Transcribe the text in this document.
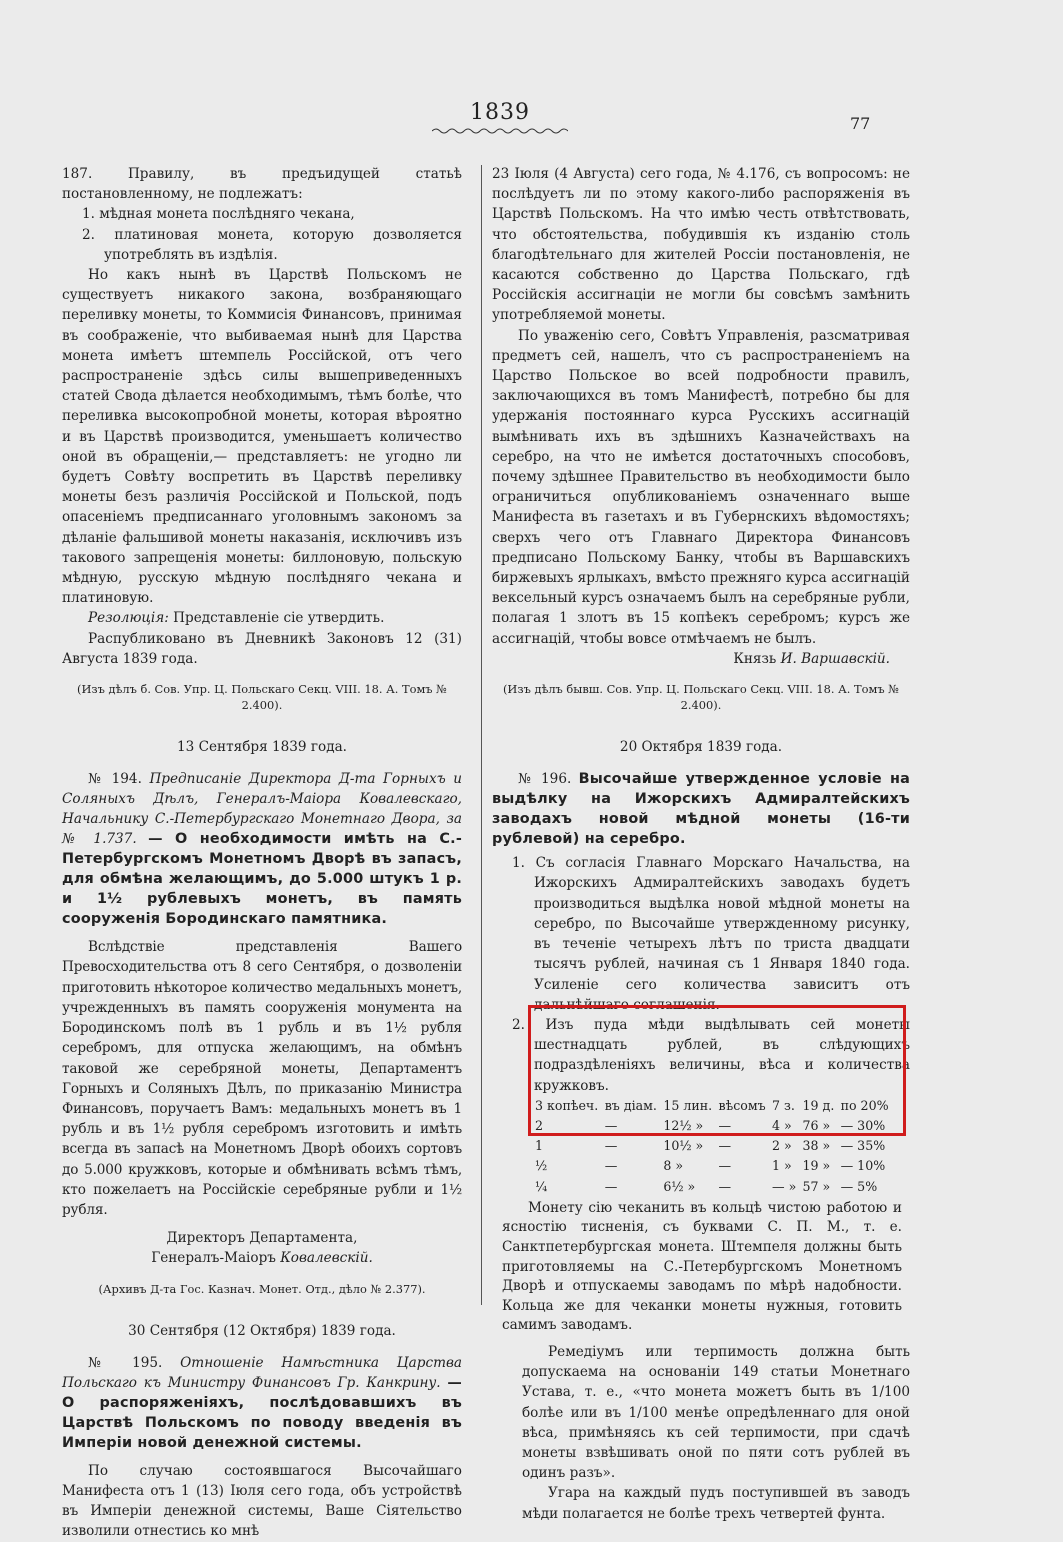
1839	77

187. Правилу, въ предъидущей статьѣ постановленному, не подлежатъ:

1. мѣдная монета послѣдняго чекана,

2. платиновая монета, которую дозволяется употреблять въ издѣлія.

Но какъ нынѣ въ Царствѣ Польскомъ не существуетъ никакого закона, возбраняющаго переливку монеты, то Коммисія Финансовъ, принимая въ соображеніе, что выбиваемая нынѣ для Царства монета имѣетъ штемпель Россійской, отъ чего распространеніе здѣсь силы вышеприведенныхъ статей Свода дѣлается необходимымъ, тѣмъ болѣе, что переливка высокопробной монеты, которая вѣроятно и въ Царствѣ производится, уменьшаетъ количество оной въ обращеніи,— представляетъ: не угодно ли будетъ Совѣту воспретить въ Царствѣ переливку монеты безъ различія Россійской и Польской, подъ опасеніемъ предписаннаго уголовнымъ закономъ за дѣланіе фальшивой монеты наказанія, исключивъ изъ такового запрещенія монеты: биллоновую, польскую мѣдную, русскую мѣдную послѣдняго чекана и платиновую.

Резолюція: Представленіе сіе утвердить.

Распубликовано въ Дневникѣ Законовъ 12 (31) Августа 1839 года.

(Изъ дѣлъ б. Сов. Упр. Ц. Польскаго Секц. VIII. 18. А. Томъ № 2.400).

13 Сентября 1839 года.

№ 194. Предписаніе Директора Д-та Горныхъ и Соляныхъ Дѣлъ, Генералъ-Маіора Ковалевскаго, Начальнику С.-Петербургскаго Монетнаго Двора, за № 1.737. — О необходимости имѣть на С.-Петербургскомъ Монетномъ Дворѣ въ запасъ, для обмѣна желающимъ, до 5.000 штукъ 1 р. и 1½ рублевыхъ монетъ, въ память сооруженія Бородинскаго памятника.

Вслѣдствіе представленія Вашего Превосходительства отъ 8 сего Сентября, о дозволеніи приготовить нѣкоторое количество медальныхъ монетъ, учрежденныхъ въ память сооруженія монумента на Бородинскомъ полѣ въ 1 рубль и въ 1½ рубля серебромъ, для отпуска желающимъ, на обмѣнъ таковой же серебряной монеты, Департаментъ Горныхъ и Соляныхъ Дѣлъ, по приказанію Министра Финансовъ, поручаетъ Вамъ: медальныхъ монетъ въ 1 рубль и въ 1½ рубля серебромъ изготовить и имѣть всегда въ запасѣ на Монетномъ Дворѣ обоихъ сортовъ до 5.000 кружковъ, которые и обмѣнивать всѣмъ тѣмъ, кто пожелаетъ на Россійскіе серебряные рубли и 1½ рубля.

Директоръ Департамента,

Генералъ-Маіоръ Ковалевскій.

(Архивъ Д-та Гос. Казнач. Монет. Отд., дѣло № 2.377).

30 Сентября (12 Октября) 1839 года.

№ 195. Отношеніе Намѣстника Царства Польскаго къ Министру Финансовъ Гр. Канкрину. — О распоряженіяхъ, послѣдовавшихъ въ Царствѣ Польскомъ по поводу введенія въ Имперіи новой денежной системы.

По случаю состоявшагося Высочайшаго Манифеста отъ 1 (13) Іюля сего года, объ устройствѣ въ Имперіи денежной системы, Ваше Сіятельство изволили отнестись ко мнѣ

23 Іюля (4 Августа) сего года, № 4.176, съ вопросомъ: не послѣдуетъ ли по этому какого-либо распоряженія въ Царствѣ Польскомъ. На что имѣю честь отвѣтствовать, что обстоятельства, побудившія къ изданію столь благодѣтельнаго для жителей Россіи постановленія, не касаются собственно до Царства Польскаго, гдѣ Россійскія ассигнаціи не могли бы совсѣмъ замѣнить употребляемой монеты.

По уваженію сего, Совѣтъ Управленія, разсматривая предметъ сей, нашелъ, что съ распространеніемъ на Царство Польское во всей подробности правилъ, заключающихся въ томъ Манифестѣ, потребно бы для удержанія постояннаго курса Русскихъ ассигнацій вымѣнивать ихъ въ здѣшнихъ Казначействахъ на серебро, на что не имѣется достаточныхъ способовъ, почему здѣшнее Правительство въ необходимости было ограничиться опубликованіемъ означеннаго выше Манифеста въ газетахъ и въ Губернскихъ вѣдомостяхъ; сверхъ чего отъ Главнаго Директора Финансовъ предписано Польскому Банку, чтобы въ Варшавскихъ биржевыхъ ярлыкахъ, вмѣсто прежняго курса ассигнацій вексельный курсъ означаемъ былъ на серебряные рубли, полагая 1 злотъ въ 15 копѣекъ серебромъ; курсъ же ассигнацій, чтобы вовсе отмѣчаемъ не былъ.

Князь И. Варшавскій.

(Изъ дѣлъ бывш. Сов. Упр. Ц. Польскаго Секц. VIII. 18. А. Томъ № 2.400).

20 Октября 1839 года.

№ 196. Высочайше утвержденное условіе на выдѣлку на Ижорскихъ Адмиралтейскихъ заводахъ новой мѣдной монеты (16-ти рублевой) на серебро.

1. Съ согласія Главнаго Морскаго Начальства, на Ижорскихъ Адмиралтейскихъ заводахъ будетъ производиться выдѣлка новой мѣдной монеты на серебро, по Высочайше утвержденному рисунку, въ теченіе четырехъ лѣтъ по триста двадцати тысячъ рублей, начиная съ 1 Января 1840 года. Усиленіе сего количества зависитъ отъ дальнѣйшаго соглашенія.

2. Изъ пуда мѣди выдѣлывать сей монеты шестнадцать рублей, въ слѣдующихъ подраздѣленіяхъ величины, вѣса и количества кружковъ.

3 копѣеч.	въ діам.	15 лин.	вѣсомъ	7 з.	19 д.	по 20%
2	—	12½ »	—	4 »	76 »	— 30%
1	—	10½ »	—	2 »	38 »	— 35%
½	—	8 »	—	1 »	19 »	— 10%
¼	—	6½ »	—	— »	57 »	— 5%

Монету сію чеканить въ кольцѣ чистою работою и ясностію тисненія, съ буквами С. П. М., т. е. Санктпетербургская монета. Штемпеля должны быть приготовляемы на С.-Петербургскомъ Монетномъ Дворѣ и отпускаемы заводамъ по мѣрѣ надобности. Кольца же для чеканки монеты нужныя, готовить самимъ заводамъ.

Ремедіумъ или терпимость должна быть допускаема на основаніи 149 статьи Монетнаго Устава, т. е., «что монета можетъ быть въ 1/100 болѣе или въ 1/100 менѣе опредѣленнаго для оной вѣса, примѣняясь къ сей терпимости, при сдачѣ монеты взвѣшивать оной по пяти сотъ рублей въ одинъ разъ».

Угара на каждый пудъ поступившей въ заводъ мѣди полагается не болѣе трехъ четвертей фунта.
